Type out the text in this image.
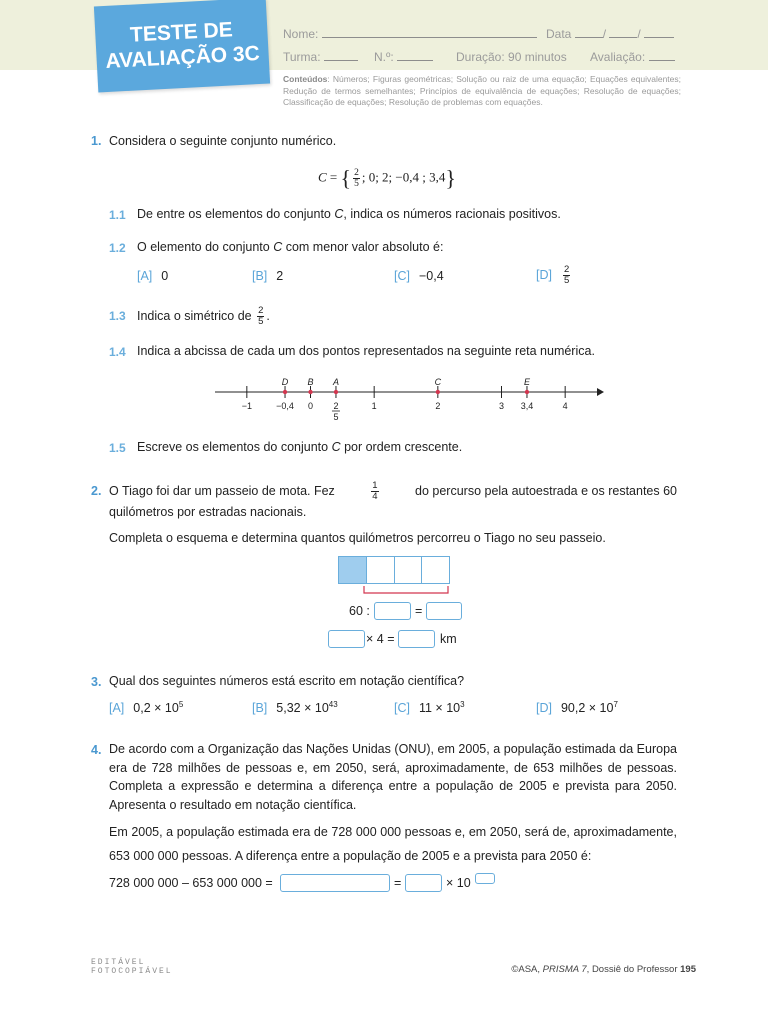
TESTE DE
AVALIAÇÃO 3C
Nome:	Data	/ /
Turma:	N.º:	Duração: 90 minutos Avaliação:
Conteúdos: Números; Figuras geométricas; Solução ou raiz de uma equação; Equações equivalentes; Redução de termos semelhantes; Princípios de equivalência de equações; Resolução de equações; Classificação de equações; Resolução de problemas com equações.
1. Considera o seguinte conjunto numérico.
C = { $\frac{2}{5}$ ; 0; 2; −0,4 ; 3,4}
1.1 De entre os elementos do conjunto C, indica os números racionais positivos.
1.2 O elemento do conjunto C com menor valor absoluto é:
[A] 0	[B] 2	[C] −0,4	$[D] \frac{2}{5}$
1.3 Indica o simétrico de $\frac{2}{5}$ .
1.4 Indica a abcissa de cada um dos pontos representados na seguinte reta numérica.
−1	−0,4 0	1	2	3 3,4	4
2
5
D B A	C	E
1.5 Escreve os elementos do conjunto C por ordem crescente.
2. O Tiago foi dar um passeio de mota. Fez	$\frac{1}{4}$	do percurso pela autoestrada e os restantes 60
quilómetros por estradas nacionais.
Completa o esquema e determina quantos quilómetros percorreu o Tiago no seu passeio.
60 :	=
× 4 =	km
3. Qual dos seguintes números está escrito em notação científica?
[A] $0,2 \times 10^5$	[B] $5,32 \times 10^{43}$	[C] $11 \times 10^3$	[D] $90,2 \times 10^7$
4. De acordo com a Organização das Nações Unidas (ONU), em 2005, a população estimada da Europa era de 728 milhões de pessoas e, em 2050, será, aproximadamente, de 653 milhões de pessoas. Completa a expressão e determina a diferença entre a população de 2005 e prevista para 2050. Apresenta o resultado em notação científica.
Em 2005, a população estimada era de 728 000 000 pessoas e, em 2050, será de, aproximadamente, 653 000 000 pessoas. A diferença entre a população de 2005 e a prevista para 2050 é:
728 000 000 – 653 000 000 =	=	× 10
EDITÁVEL
FOTOCOPIÁVEL	©ASA, PRISMA 7, Dossiê do Professor 195
